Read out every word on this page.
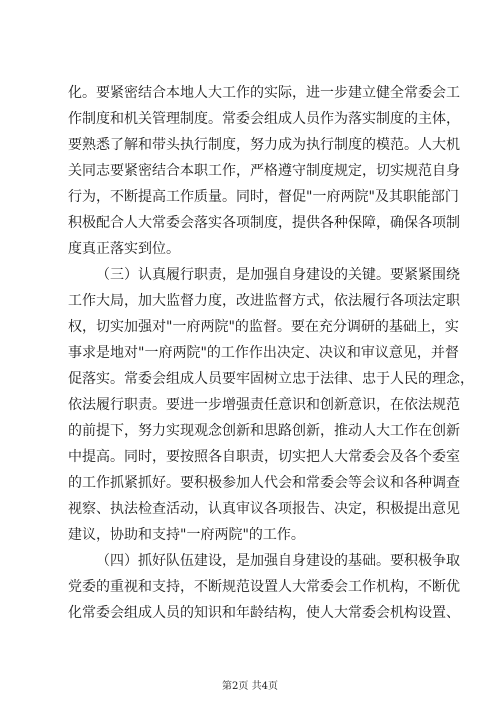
化。要紧密结合本地人大工作的实际，进一步建立健全常委会工
作制度和机关管理制度。常委会组成人员作为落实制度的主体，
要熟悉了解和带头执行制度，努力成为执行制度的模范。人大机
关同志要紧密结合本职工作，严格遵守制度规定，切实规范自身
行为，不断提高工作质量。同时，督促"一府两院"及其职能部门
积极配合人大常委会落实各项制度，提供各种保障，确保各项制
度真正落实到位。
（三）认真履行职责，是加强自身建设的关键。要紧紧围绕
工作大局，加大监督力度，改进监督方式，依法履行各项法定职
权，切实加强对"一府两院"的监督。要在充分调研的基础上，实
事求是地对"一府两院"的工作作出决定、决议和审议意见，并督
促落实。常委会组成人员要牢固树立忠于法律、忠于人民的理念，
依法履行职责。要进一步增强责任意识和创新意识，在依法规范
的前提下，努力实现观念创新和思路创新，推动人大工作在创新
中提高。同时，要按照各自职责，切实把人大常委会及各个委室
的工作抓紧抓好。要积极参加人代会和常委会等会议和各种调查
视察、执法检查活动，认真审议各项报告、决定，积极提出意见
建议，协助和支持"一府两院"的工作。
（四）抓好队伍建设，是加强自身建设的基础。要积极争取
党委的重视和支持，不断规范设置人大常委会工作机构，不断优
化常委会组成人员的知识和年龄结构，使人大常委会机构设置、
第2页 共4页
